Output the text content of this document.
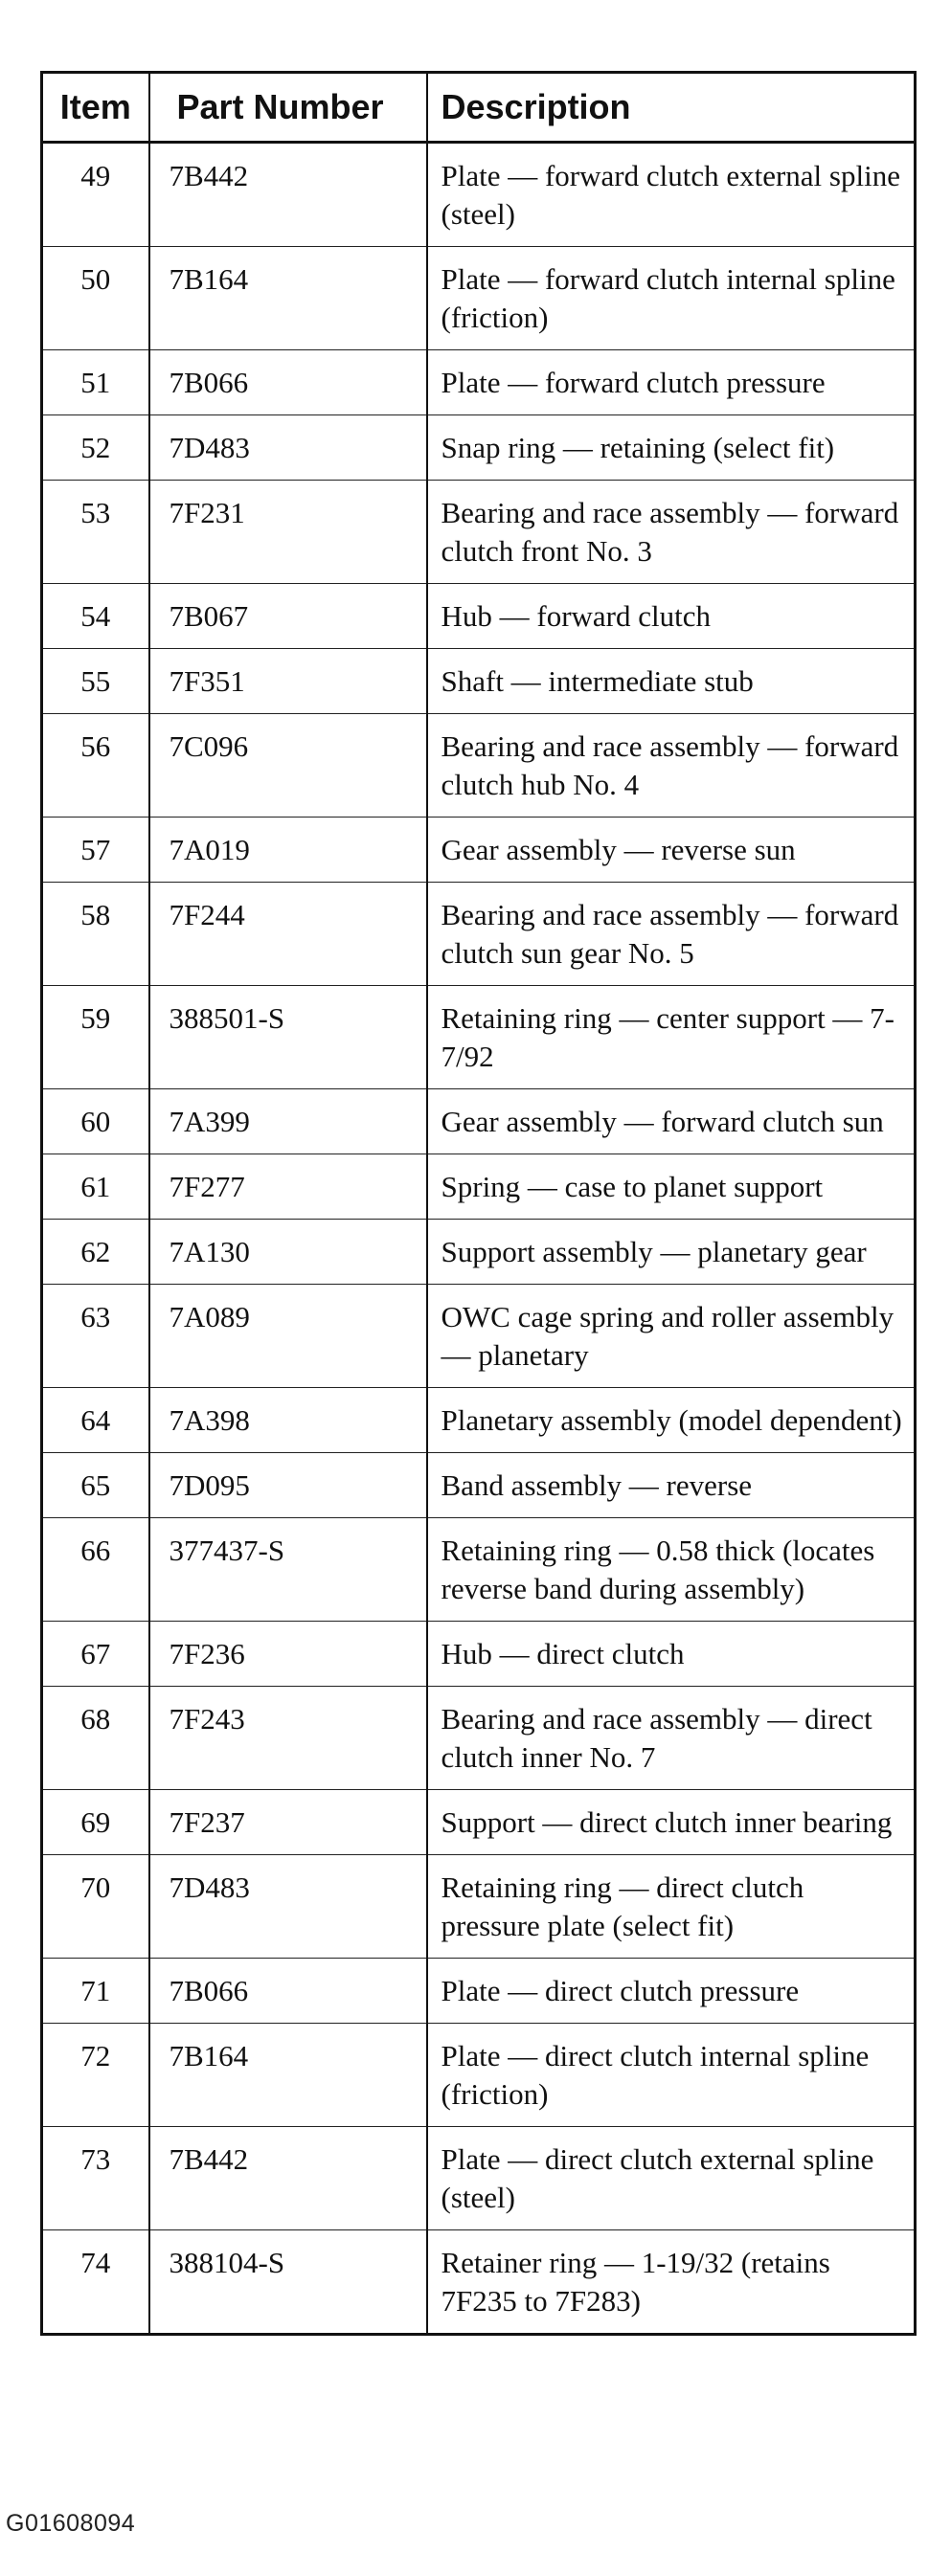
Item	Part Number	Description
49	7B442	Plate — forward clutch external spline (steel)
50	7B164	Plate — forward clutch internal spline (friction)
51	7B066	Plate — forward clutch pressure
52	7D483	Snap ring — retaining (select fit)
53	7F231	Bearing and race assembly — forward clutch front No. 3
54	7B067	Hub — forward clutch
55	7F351	Shaft — intermediate stub
56	7C096	Bearing and race assembly — forward clutch hub No. 4
57	7A019	Gear assembly — reverse sun
58	7F244	Bearing and race assembly — forward clutch sun gear No. 5
59	388501-S	Retaining ring — center support — 7-7/92
60	7A399	Gear assembly — forward clutch sun
61	7F277	Spring — case to planet support
62	7A130	Support assembly — planetary gear
63	7A089	OWC cage spring and roller assembly — planetary
64	7A398	Planetary assembly (model dependent)
65	7D095	Band assembly — reverse
66	377437-S	Retaining ring — 0.58 thick (locates reverse band during assembly)
67	7F236	Hub — direct clutch
68	7F243	Bearing and race assembly — direct clutch inner No. 7
69	7F237	Support — direct clutch inner bearing
70	7D483	Retaining ring — direct clutch pressure plate (select fit)
71	7B066	Plate — direct clutch pressure
72	7B164	Plate — direct clutch internal spline (friction)
73	7B442	Plate — direct clutch external spline (steel)
74	388104-S	Retainer ring — 1-19/32 (retains 7F235 to 7F283)
G01608094
